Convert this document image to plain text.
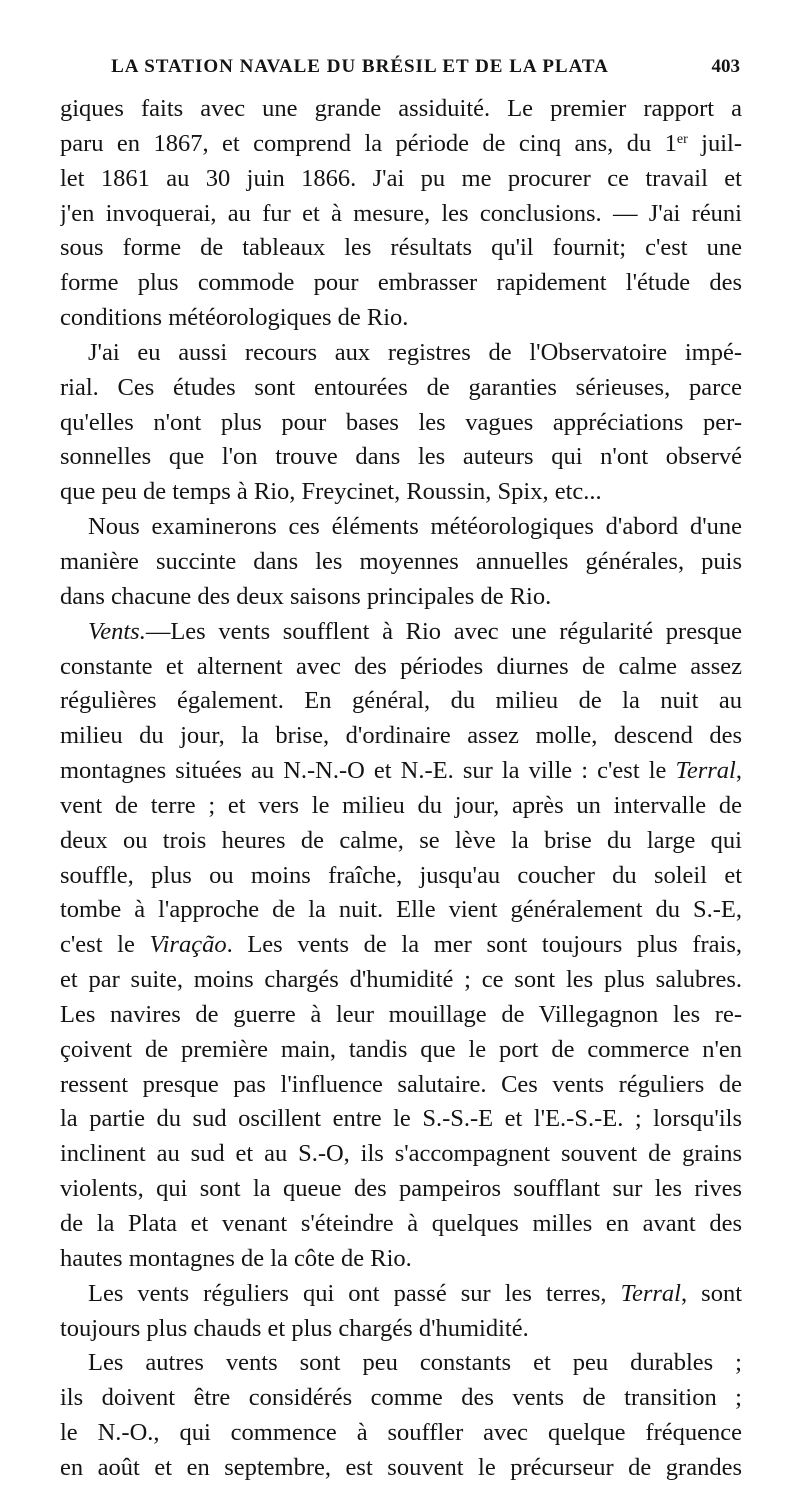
LA STATION NAVALE DU BRÉSIL ET DE LA PLATA	403
giques faits avec une grande assiduité. Le premier rapport a
paru en 1867, et comprend la période de cinq ans, du 1er juil-
let 1861 au 30 juin 1866. J'ai pu me procurer ce travail et
j'en invoquerai, au fur et à mesure, les conclusions. — J'ai réuni
sous forme de tableaux les résultats qu'il fournit; c'est une
forme plus commode pour embrasser rapidement l'étude des
conditions météorologiques de Rio.
J'ai eu aussi recours aux registres de l'Observatoire impé-
rial. Ces études sont entourées de garanties sérieuses, parce
qu'elles n'ont plus pour bases les vagues appréciations per-
sonnelles que l'on trouve dans les auteurs qui n'ont observé
que peu de temps à Rio, Freycinet, Roussin, Spix, etc...
Nous examinerons ces éléments météorologiques d'abord d'une
manière succinte dans les moyennes annuelles générales, puis
dans chacune des deux saisons principales de Rio.
Vents.—Les vents soufflent à Rio avec une régularité presque
constante et alternent avec des périodes diurnes de calme assez
régulières également. En général, du milieu de la nuit au
milieu du jour, la brise, d'ordinaire assez molle, descend des
montagnes situées au N.-N.-O et N.-E. sur la ville : c'est le Terral,
vent de terre ; et vers le milieu du jour, après un intervalle de
deux ou trois heures de calme, se lève la brise du large qui
souffle, plus ou moins fraîche, jusqu'au coucher du soleil et
tombe à l'approche de la nuit. Elle vient généralement du S.-E,
c'est le Viração. Les vents de la mer sont toujours plus frais,
et par suite, moins chargés d'humidité ; ce sont les plus salubres.
Les navires de guerre à leur mouillage de Villegagnon les re-
çoivent de première main, tandis que le port de commerce n'en
ressent presque pas l'influence salutaire. Ces vents réguliers de
la partie du sud oscillent entre le S.-S.-E et l'E.-S.-E. ; lorsqu'ils
inclinent au sud et au S.-O, ils s'accompagnent souvent de grains
violents, qui sont la queue des pampeiros soufflant sur les rives
de la Plata et venant s'éteindre à quelques milles en avant des
hautes montagnes de la côte de Rio.
Les vents réguliers qui ont passé sur les terres, Terral, sont
toujours plus chauds et plus chargés d'humidité.
Les autres vents sont peu constants et peu durables ;
ils doivent être considérés comme des vents de transition ;
le N.-O., qui commence à souffler avec quelque fréquence
en août et en septembre, est souvent le précurseur de grandes
